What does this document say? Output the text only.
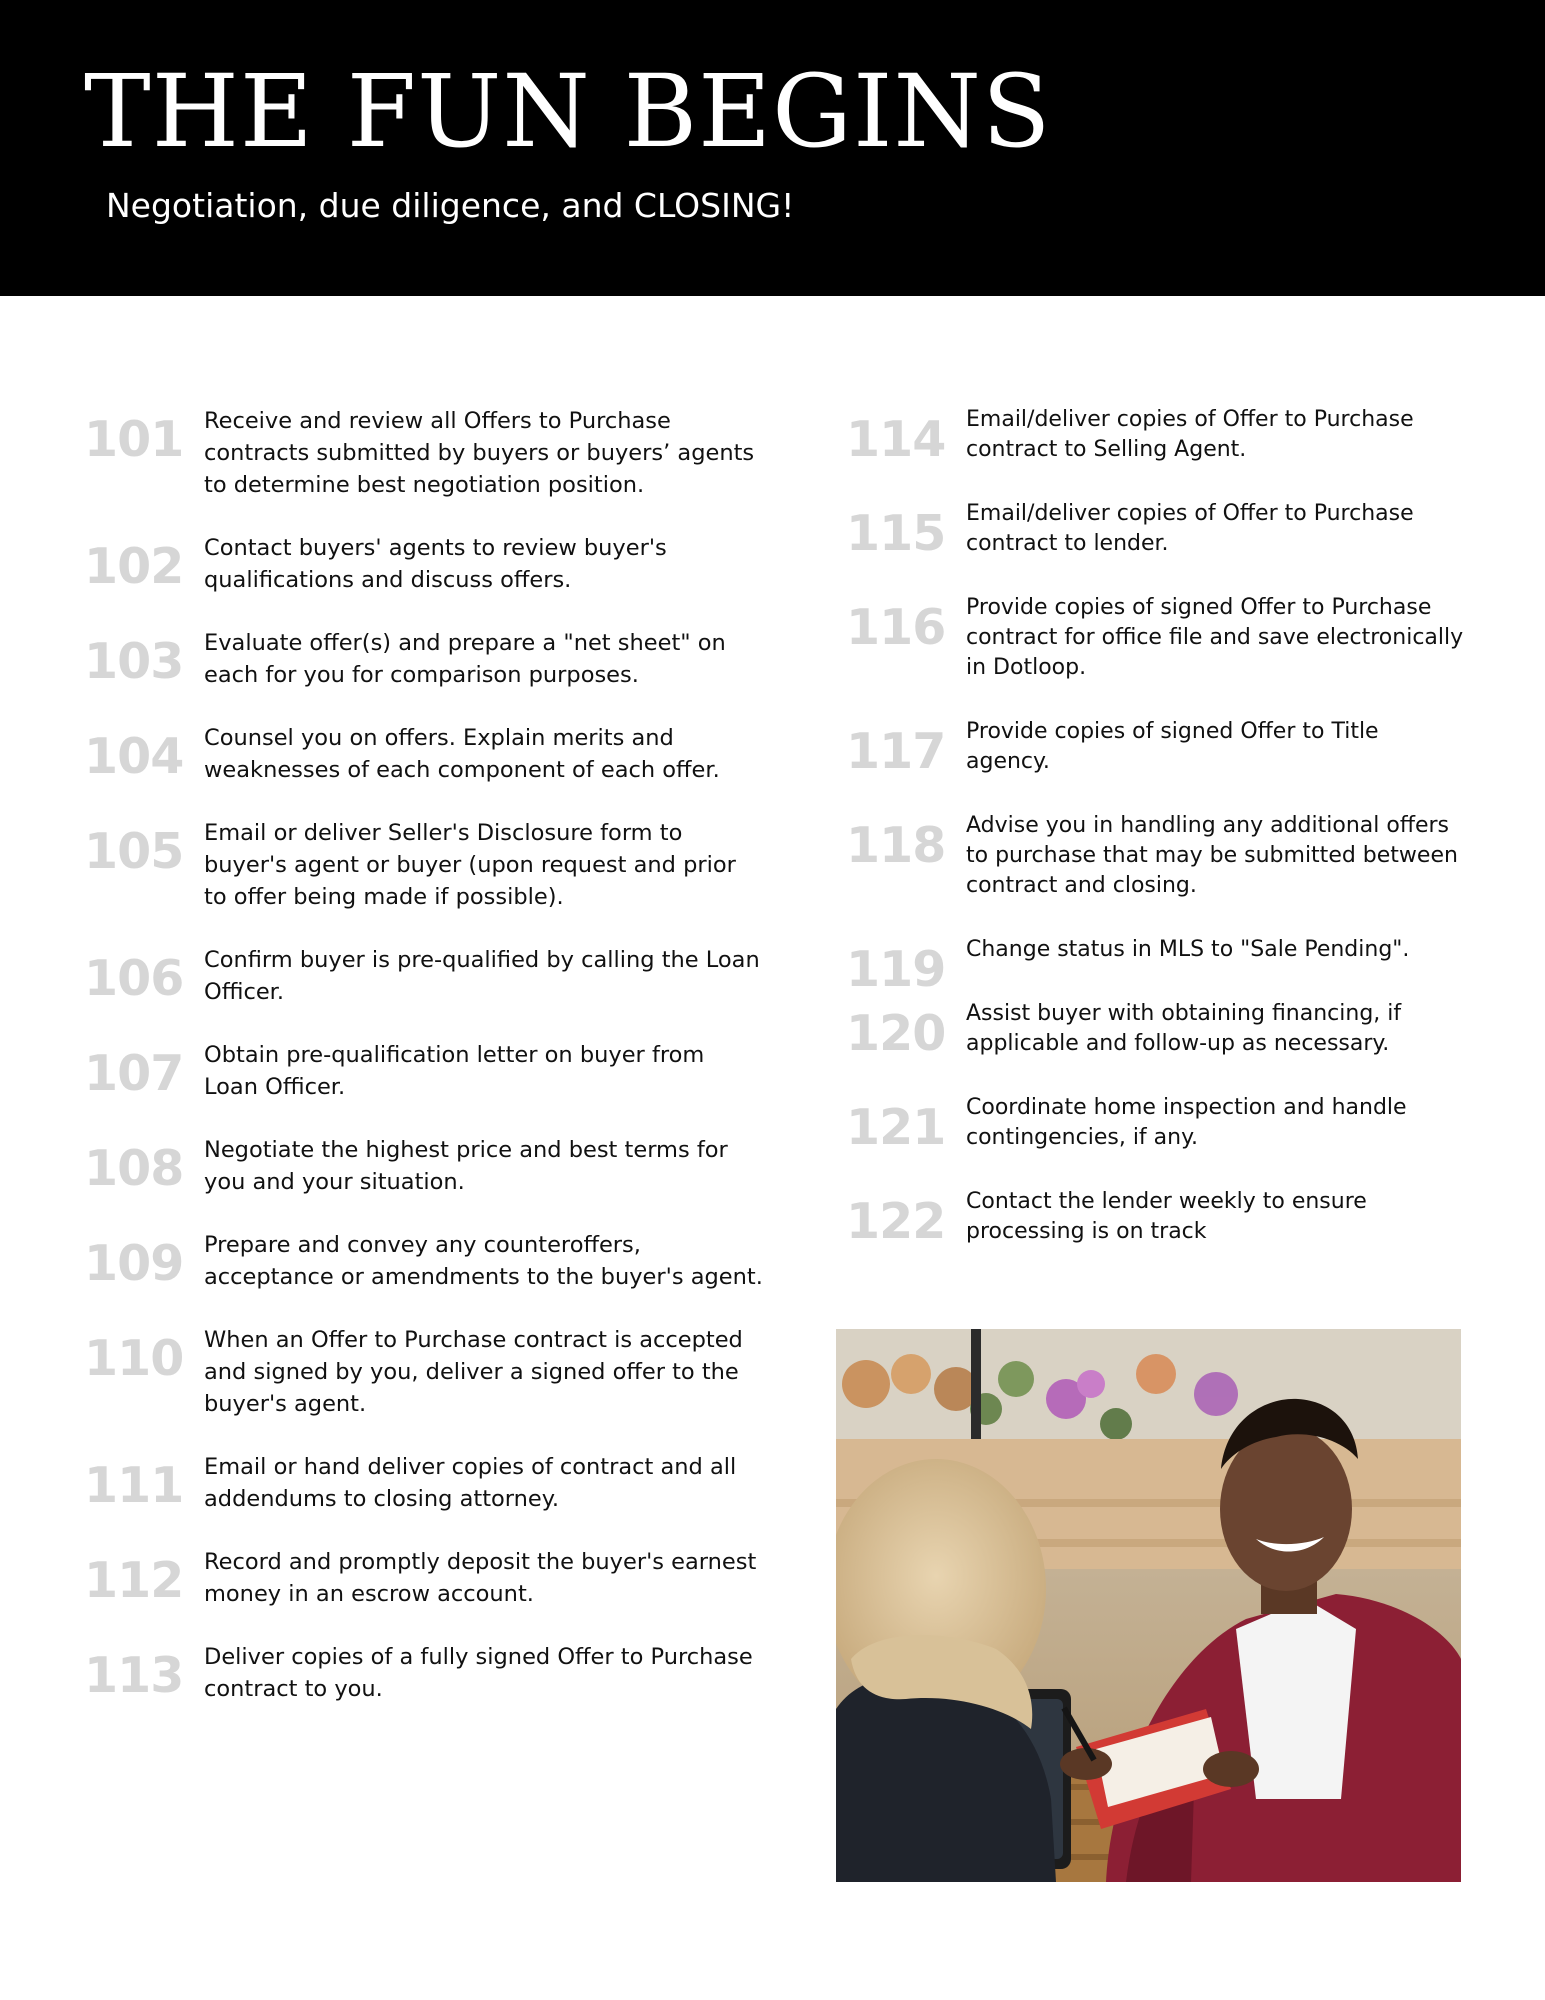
THE FUN BEGINS

Negotiation, due diligence, and CLOSING!

101 Receive and review all Offers to Purchase contracts submitted by buyers or buyers’ agents to determine best negotiation position.
102 Contact buyers' agents to review buyer's qualifications and discuss offers.
103 Evaluate offer(s) and prepare a "net sheet" on each for you for comparison purposes.
104 Counsel you on offers. Explain merits and weaknesses of each component of each offer.
105 Email or deliver Seller's Disclosure form to buyer's agent or buyer (upon request and prior to offer being made if possible).
106 Confirm buyer is pre-qualified by calling the Loan Officer.
107 Obtain pre-qualification letter on buyer from Loan Officer.
108 Negotiate the highest price and best terms for you and your situation.
109 Prepare and convey any counteroffers, acceptance or amendments to the buyer's agent.
110 When an Offer to Purchase contract is accepted and signed by you, deliver a signed offer to the buyer's agent.
111 Email or hand deliver copies of contract and all addendums to closing attorney.
112 Record and promptly deposit the buyer's earnest money in an escrow account.
113 Deliver copies of a fully signed Offer to Purchase contract to you.
114 Email/deliver copies of Offer to Purchase contract to Selling Agent.
115 Email/deliver copies of Offer to Purchase contract to lender.
116 Provide copies of signed Offer to Purchase contract for office file and save electronically in Dotloop.
117 Provide copies of signed Offer to Title agency.
118 Advise you in handling any additional offers to purchase that may be submitted between contract and closing.
119 Change status in MLS to "Sale Pending".
120 Assist buyer with obtaining financing, if applicable and follow-up as necessary.
121 Coordinate home inspection and handle contingencies, if any.
122 Contact the lender weekly to ensure processing is on track
